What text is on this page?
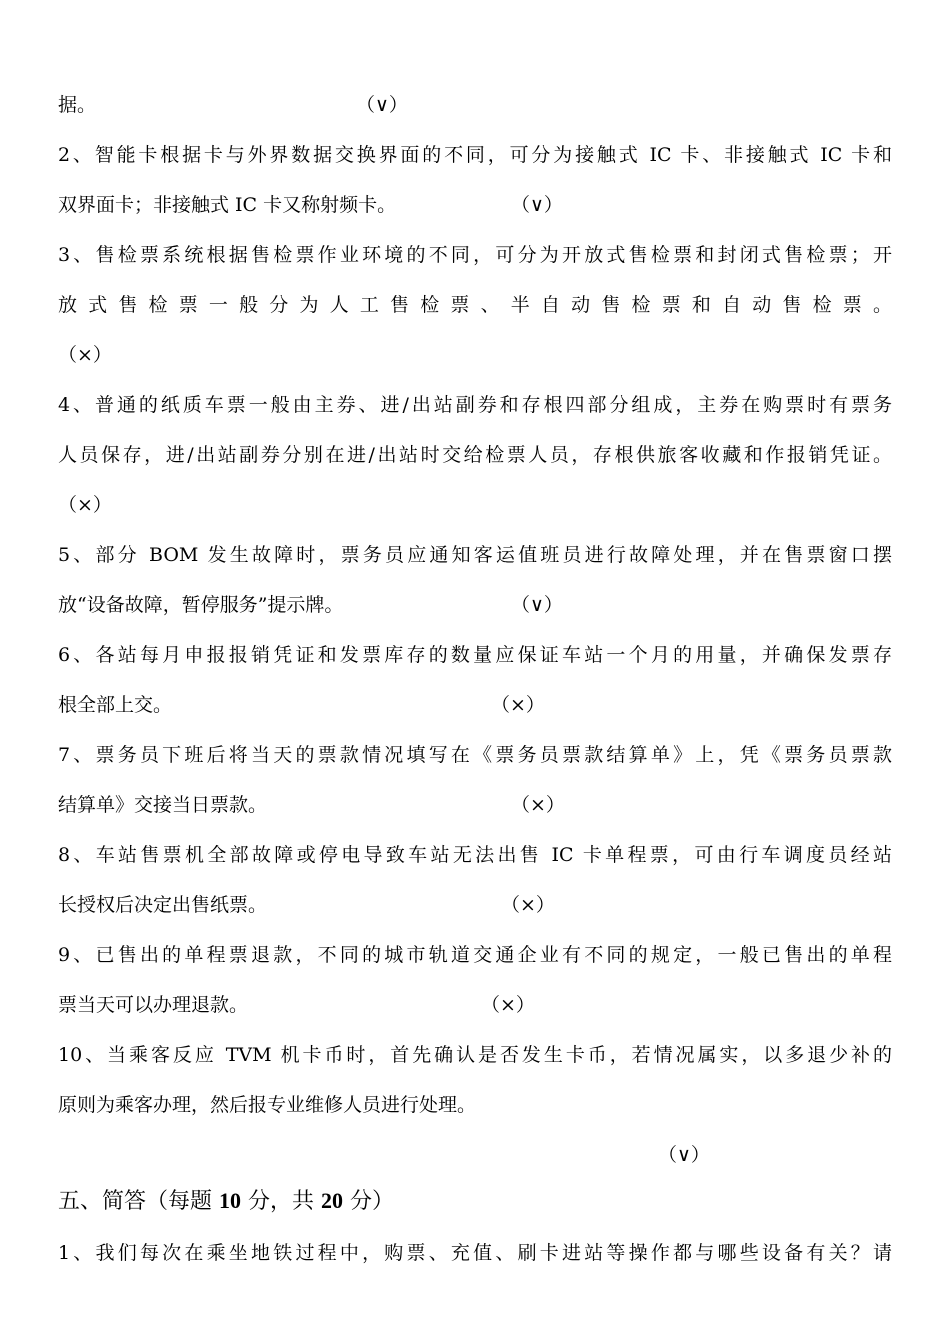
据。	（∨）
2、智能卡根据卡与外界数据交换界面的不同，可分为接触式 IC 卡、非接触式 IC 卡和
双界面卡；非接触式 IC 卡又称射频卡。	（∨）
3、售检票系统根据售检票作业环境的不同，可分为开放式售检票和封闭式售检票；开
放 式 售 检 票 一 般 分 为 人 工 售 检 票 、 半 自 动 售 检 票 和 自 动 售 检 票 。
（×）
4、普通的纸质车票一般由主券、进/出站副券和存根四部分组成，主券在购票时有票务
人员保存，进/出站副券分别在进/出站时交给检票人员，存根供旅客收藏和作报销凭证。
（×）
5、部分 BOM 发生故障时，票务员应通知客运值班员进行故障处理，并在售票窗口摆
放“设备故障，暂停服务”提示牌。	（∨）
6、各站每月申报报销凭证和发票库存的数量应保证车站一个月的用量，并确保发票存
根全部上交。	（×）
7、票务员下班后将当天的票款情况填写在《票务员票款结算单》上，凭《票务员票款
结算单》交接当日票款。	（×）
8、车站售票机全部故障或停电导致车站无法出售 IC 卡单程票，可由行车调度员经站
长授权后决定出售纸票。	（×）
9、已售出的单程票退款，不同的城市轨道交通企业有不同的规定，一般已售出的单程
票当天可以办理退款。	（×）
10、当乘客反应 TVM 机卡币时，首先确认是否发生卡币，若情况属实，以多退少补的
原则为乘客办理，然后报专业维修人员进行处理。
（∨）
五、简答（每题 10 分，共 20 分）
1、我们每次在乘坐地铁过程中，购票、充值、刷卡进站等操作都与哪些设备有关？请
